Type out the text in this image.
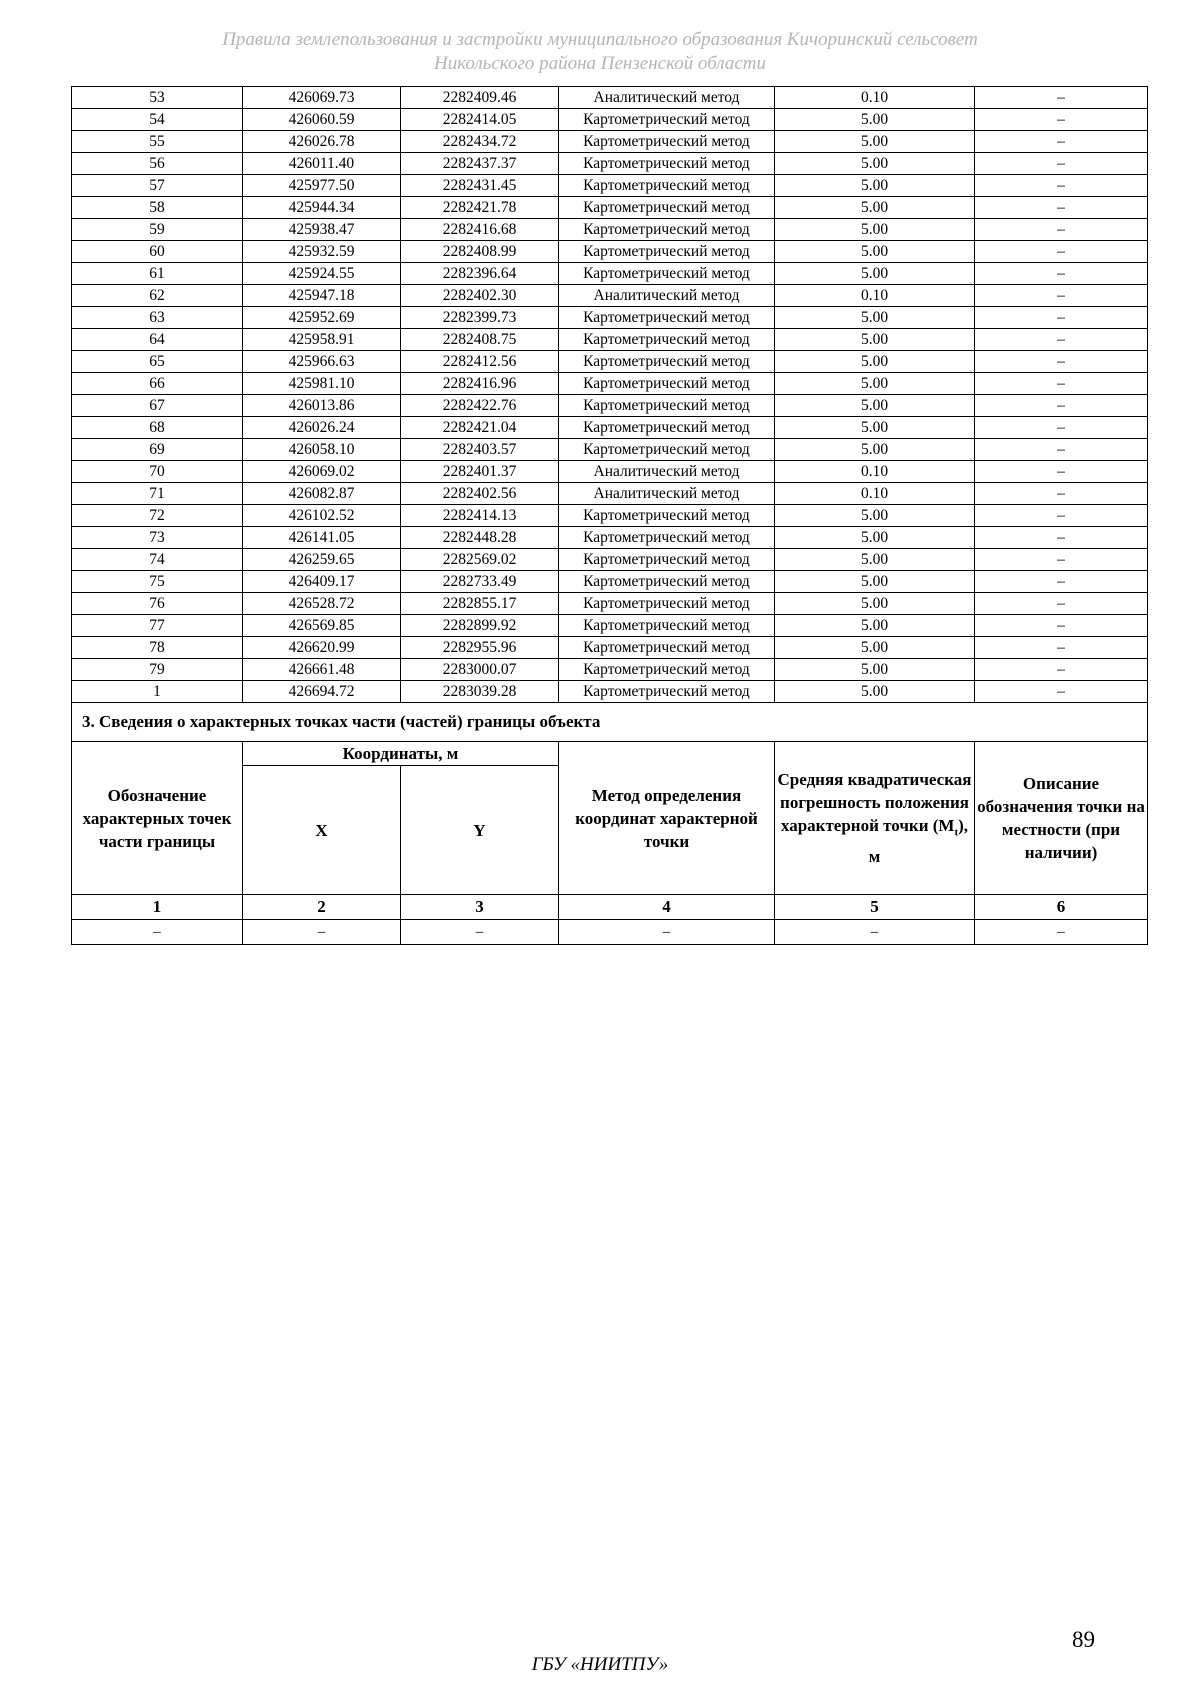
Правила землепользования и застройки муниципального образования Кичоринский сельсовет
Никольского района Пензенской области
53	426069.73	2282409.46	Аналитический метод	0.10	–
54	426060.59	2282414.05	Картометрический метод	5.00	–
55	426026.78	2282434.72	Картометрический метод	5.00	–
56	426011.40	2282437.37	Картометрический метод	5.00	–
57	425977.50	2282431.45	Картометрический метод	5.00	–
58	425944.34	2282421.78	Картометрический метод	5.00	–
59	425938.47	2282416.68	Картометрический метод	5.00	–
60	425932.59	2282408.99	Картометрический метод	5.00	–
61	425924.55	2282396.64	Картометрический метод	5.00	–
62	425947.18	2282402.30	Аналитический метод	0.10	–
63	425952.69	2282399.73	Картометрический метод	5.00	–
64	425958.91	2282408.75	Картометрический метод	5.00	–
65	425966.63	2282412.56	Картометрический метод	5.00	–
66	425981.10	2282416.96	Картометрический метод	5.00	–
67	426013.86	2282422.76	Картометрический метод	5.00	–
68	426026.24	2282421.04	Картометрический метод	5.00	–
69	426058.10	2282403.57	Картометрический метод	5.00	–
70	426069.02	2282401.37	Аналитический метод	0.10	–
71	426082.87	2282402.56	Аналитический метод	0.10	–
72	426102.52	2282414.13	Картометрический метод	5.00	–
73	426141.05	2282448.28	Картометрический метод	5.00	–
74	426259.65	2282569.02	Картометрический метод	5.00	–
75	426409.17	2282733.49	Картометрический метод	5.00	–
76	426528.72	2282855.17	Картометрический метод	5.00	–
77	426569.85	2282899.92	Картометрический метод	5.00	–
78	426620.99	2282955.96	Картометрический метод	5.00	–
79	426661.48	2283000.07	Картометрический метод	5.00	–
1	426694.72	2283039.28	Картометрический метод	5.00	–
3. Сведения о характерных точках части (частей) границы объекта					
Обозначение характерных точек части границы	Координаты, м		Метод определения координат характерной точки	Средняя квадратическая погрешность положения характерной точки $(M_t)$, м	Описание обозначения точки на местности (при наличии)
	X	Y			
1	2	3	4	5	6
–	–	–	–	–	–
89
ГБУ «НИИТПУ»
